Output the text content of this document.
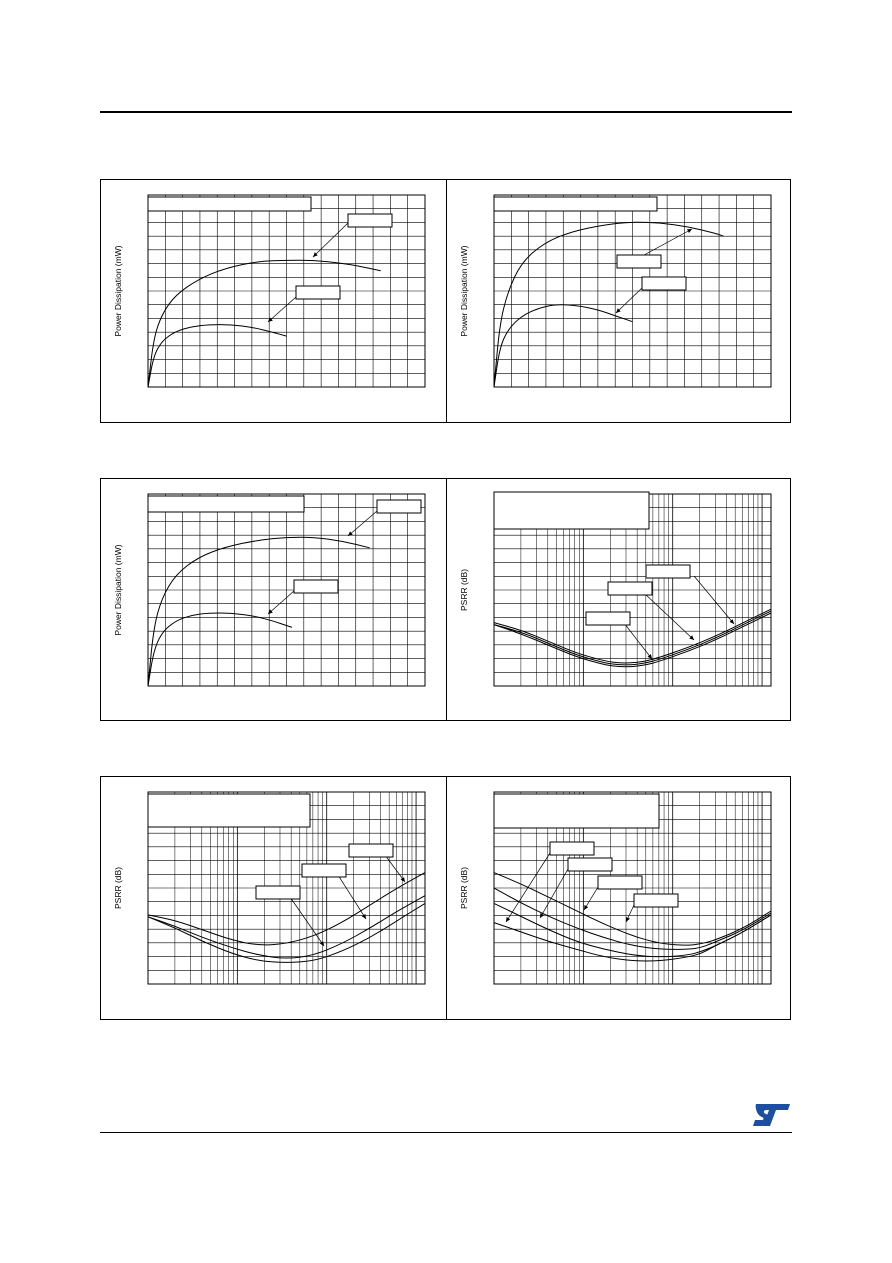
Power Dissipation (mW)	Power Dissipation (mW)
Power Dissipation (mW)	PSRR (dB)
PSRR (dB)	PSRR (dB)
